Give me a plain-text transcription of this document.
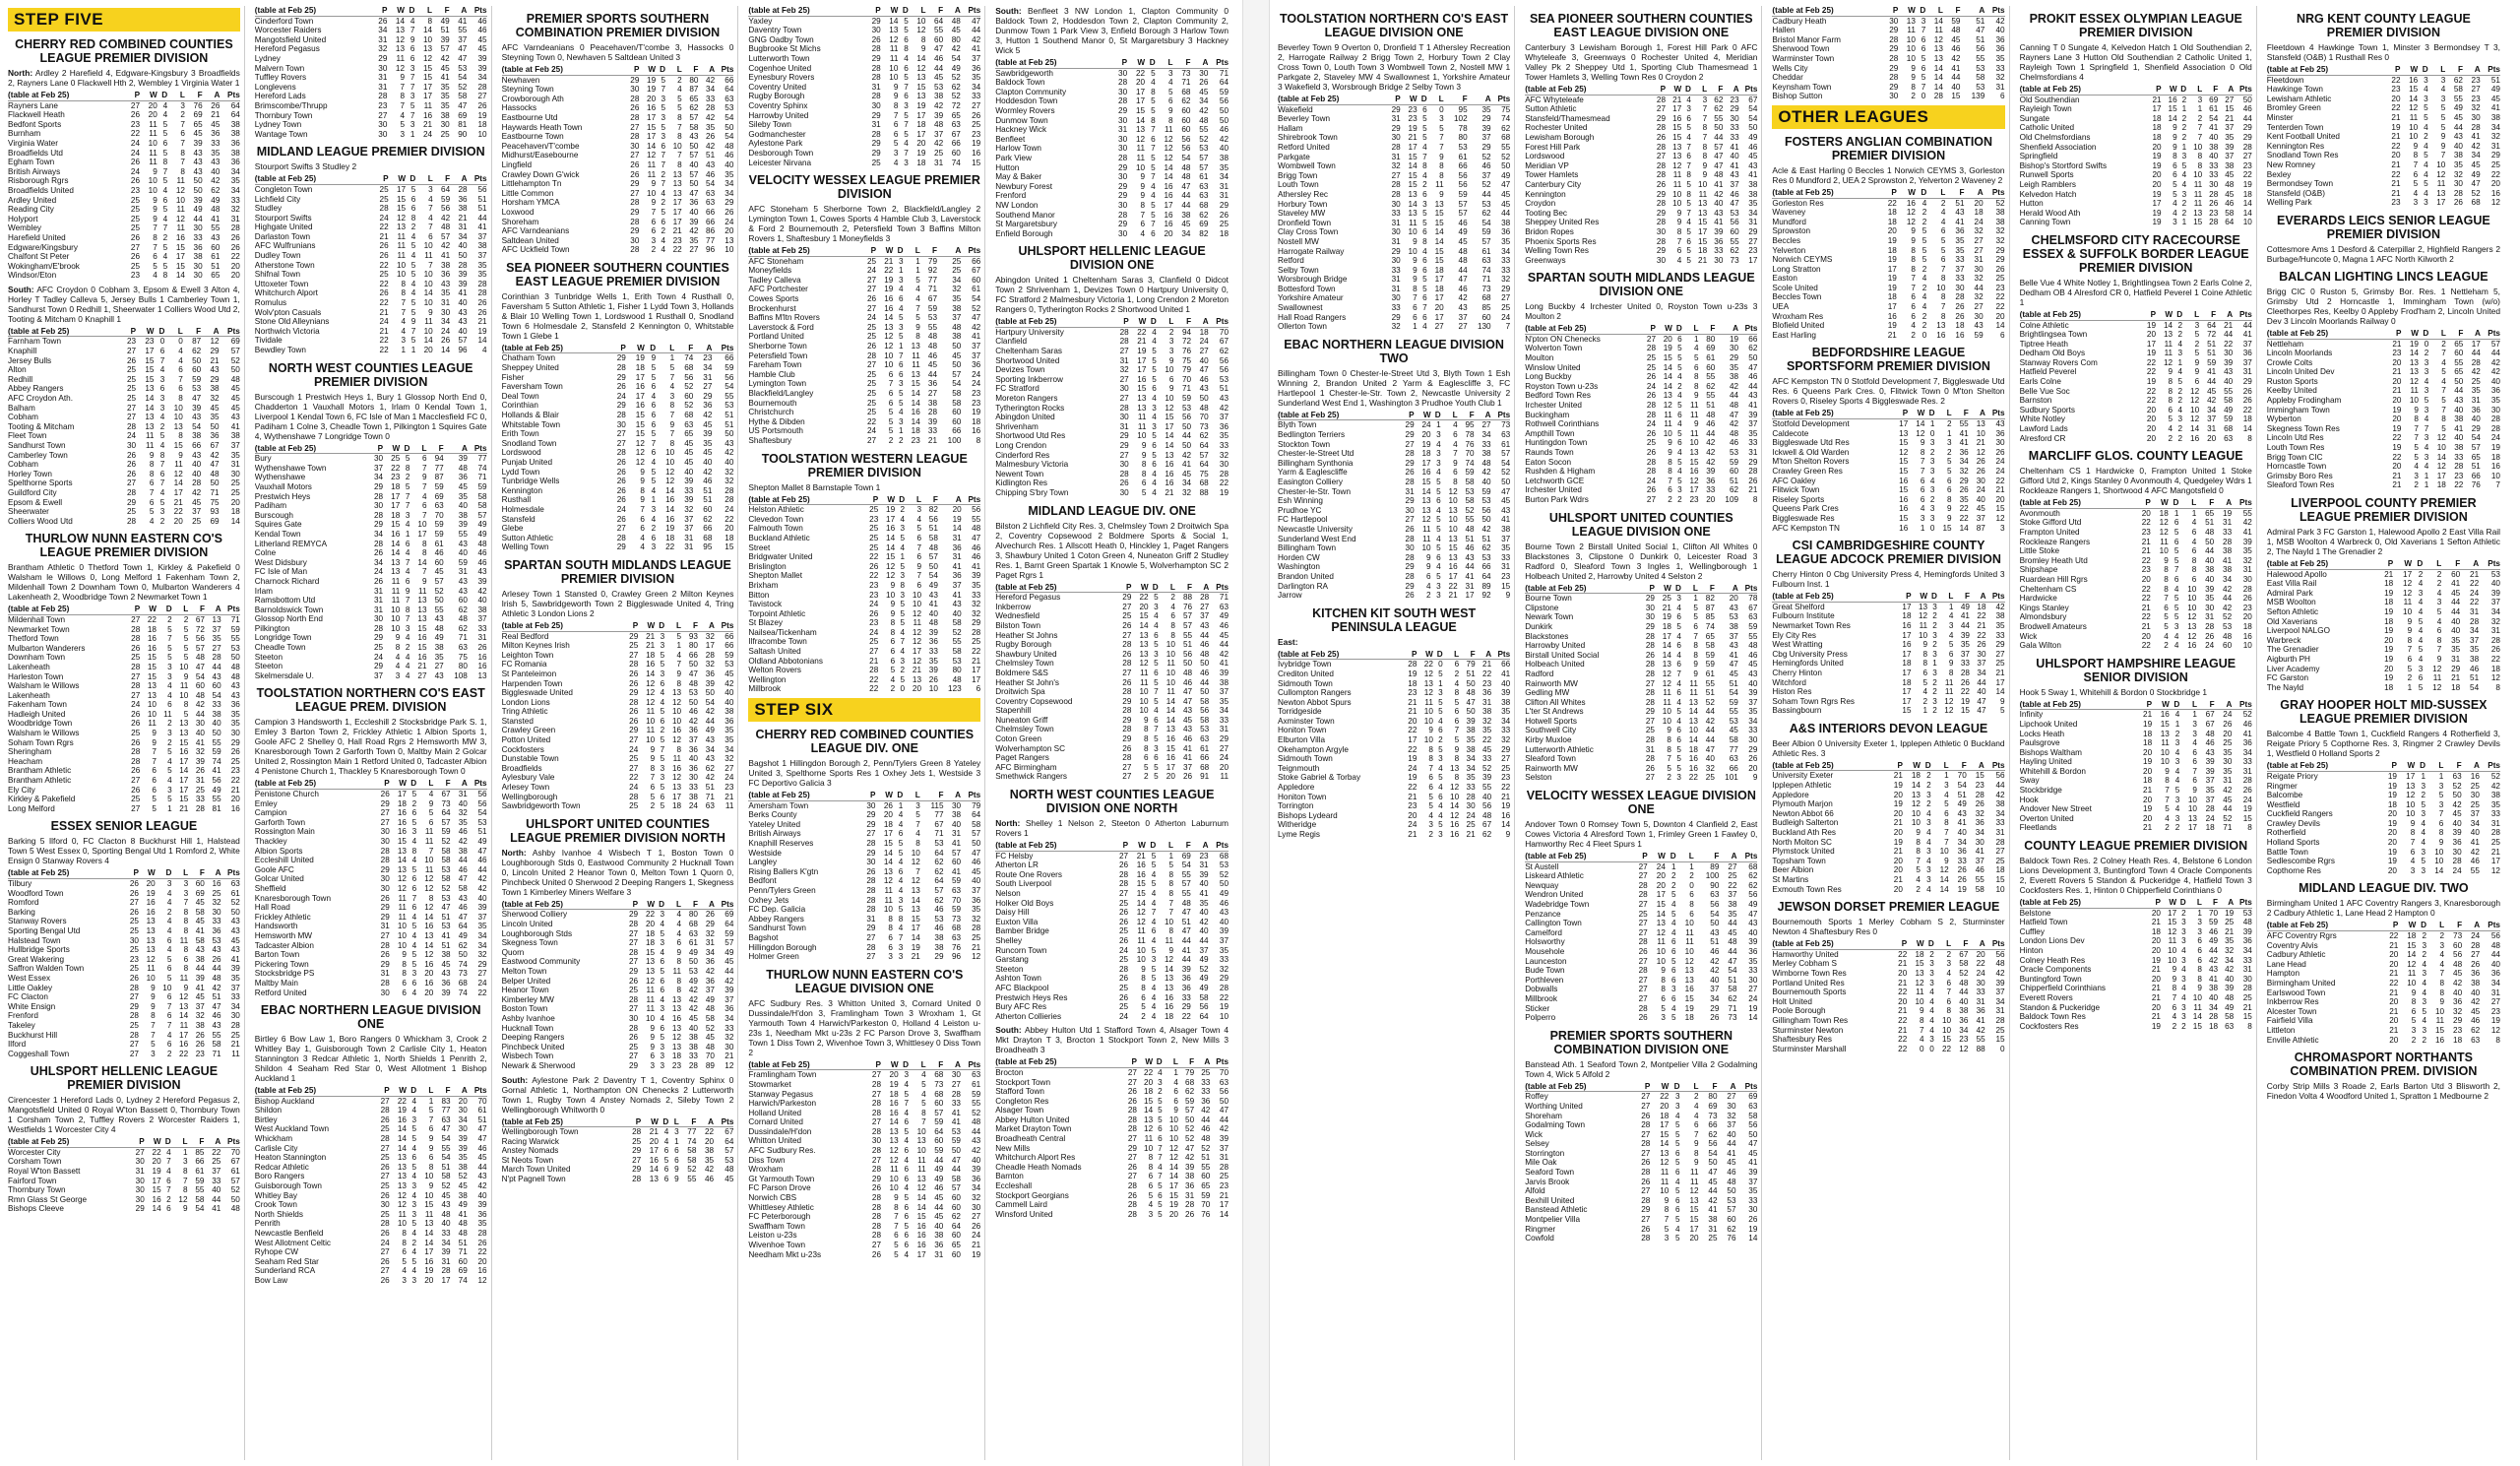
STEP FIVE
CHERRY RED COMBINED COUNTIES LEAGUE PREMIER DIVISION
North: Ardley 2 Harefield 4, Edgware-Kingsbury 3 Broadfields 2, Rayners Lane 0 Flackwell Hth 2, Wembley 1 Virginia Water 1
(table at Feb 25)	P	W	D	L	F	A	Pts
Rayners Lane	27	20	4	3	76	26	64
Flackwell Heath	26	20	4	2	69	21	64
Bedfont Sports	23	11	5	7	65	45	38
Burnham	22	11	5	6	45	36	38
Virginia Water	24	10	6	7	39	33	36
Broadfields Utd	24	11	5	8	43	35	38
Egham Town	26	11	8	7	43	43	36
British Airways	24	9	7	8	43	40	34
Risborough Rgrs	26	10	5	11	50	42	35
Broadfields United	23	10	4	12	50	62	34
Ardley United	25	9	6	10	39	49	33
Reading City	25	9	5	11	49	48	32
Holyport	25	9	4	12	44	41	31
Wembley	25	7	7	11	30	55	28
Harefield United	26	8	2	16	33	43	26
Edgware/Kingsbury	27	7	5	15	36	60	26
Chalfont St Peter	26	6	4	17	38	61	22
Wokingham/E'brook	25	5	5	15	30	51	20
Windsor/Eton	23	4	8	14	30	65	20
South: AFC Croydon 0 Cobham 3, Epsom & Ewell 3 Alton 4, Horley T Tadley Calleva 5, Jersey Bulls 1 Camberley Town 1, Sandhurst Town 0 Redhill 1, Sheerwater 1 Colliers Wood Utd 2, Tooting & Mitcham 0 Knaphill 1
(table at Feb 25)	P	W	D	L	F	A	Pts
Farnham Town	23	23	0	0	87	12	69
Knaphill	27	17	6	4	62	29	57
Jersey Bulls	26	15	7	4	50	21	52
Alton	25	15	4	6	60	43	50
Redhill	25	15	3	7	59	29	48
Abbey Rangers	25	13	6	6	53	38	45
AFC Croydon Ath.	25	14	3	8	47	32	45
Balham	27	14	3	10	39	45	45
Cobham	27	13	4	10	43	35	43
Tooting & Mitcham	28	13	2	13	54	50	41
Fleet Town	24	11	5	8	38	36	38
Sandhurst Town	30	11	4	15	66	67	37
Camberley Town	26	9	8	9	43	42	35
Cobham	26	8	7	11	40	47	31
Horley Town	26	8	6	12	40	48	30
Spelthorne Sports	27	6	7	14	28	50	25
Guildford City	28	7	4	17	42	71	25
Epsom & Ewell	29	6	5	21	45	75	20
Sheerwater	25	5	3	22	37	93	18
Colliers Wood Utd	28	4	2	20	25	69	14
THURLOW NUNN EASTERN CO'S LEAGUE PREMIER DIVISION
Brantham Athletic 0 Thetford Town 1, Kirkley & Pakefield 0 Walsham le Willows 0, Long Melford 1 Fakenham Town 2, Mildenhall Town 2 Downham Town 0, Mulbarton Wanderers 4 Lakenheath 2, Woodbridge Town 2 Newmarket Town 1
(table at Feb 25)	P	W	D	L	F	A	Pts
Mildenhall Town	27	22	2	2	67	13	71
Newmarket Town	28	18	5	5	72	37	59
Thetford Town	28	16	7	5	56	35	55
Mulbarton Wanderers	26	16	5	5	57	27	53
Downham Town	25	15	5	5	48	28	50
Lakenheath	28	15	3	10	47	44	48
Harleston Town	27	15	3	9	54	43	48
Walsham le Willows	28	13	4	11	60	60	43
Lakenheath	27	13	4	10	48	54	43
Fakenham Town	24	10	6	8	42	33	36
Hadleigh United	26	10	11	5	44	38	35
Woodbridge Town	26	11	2	13	30	40	35
Walsham le Willows	25	9	3	13	40	50	30
Soham Town Rgrs	26	9	2	15	41	55	29
Sheringham	28	7	5	16	32	59	26
Heacham	28	7	4	17	39	74	25
Brantham Athletic	26	6	5	14	26	41	23
Brantham Athletic	27	6	4	17	31	56	22
Ely City	26	6	3	17	25	49	21
Kirkley & Pakefield	25	5	5	15	33	55	20
Long Melford	27	5	1	21	28	81	16
ESSEX SENIOR LEAGUE
Barking 5 Ilford 0, FC Clacton 8 Buckhurst Hill 1, Halstead Town 5 West Essex 0, Sporting Bengal Utd 1 Romford 2, White Ensign 0 Stanway Rovers 4
(table at Feb 25)	P	W	D	L	F	A	Pts
Tilbury	26	20	3	3	60	16	63
Woodford Town	26	19	4	3	69	25	61
Romford	27	16	4	7	45	32	52
Barking	26	16	2	8	58	30	50
Stanway Rovers	25	13	4	8	45	33	43
Sporting Bengal Utd	25	13	4	8	41	36	43
Halstead Town	30	13	6	11	58	53	45
Hullbridge Sports	25	13	4	8	43	43	43
Great Wakering	23	12	5	6	38	26	41
Saffron Walden Town	25	11	6	8	44	44	39
West Essex	26	10	5	11	39	48	35
Little Oakley	28	9	10	9	41	42	37
FC Clacton	27	9	6	12	45	51	33
White Ensign	29	9	7	13	37	47	34
Frenford	28	8	6	14	32	46	30
Takeley	25	7	7	11	38	43	28
Buckhurst Hill	28	7	4	17	26	55	25
Ilford	27	5	6	16	26	58	21
Coggeshall Town	27	3	2	22	23	71	11
UHLSPORT HELLENIC LEAGUE PREMIER DIVISION
Cirencester 1 Hereford Lads 0, Lydney 2 Hereford Pegasus 2, Mangotsfield United 0 Royal W'ton Bassett 0, Thornbury Town 1 Corsham Town 2, Tuffley Rovers 2 Worcester Raiders 1, Westfields 1 Worcester City 4
(table at Feb 25)	P	W	D	L	F	A	Pts
Worcester City	27	22	4	1	85	22	70
Corsham Town	30	20	7	3	66	25	67
Royal W'ton Bassett	31	19	4	8	61	37	61
Fairford Town	30	17	6	7	59	33	57
Thornbury Town	30	15	7	8	55	40	52
Rmn Glass St George	30	16	2	12	58	44	50
Bishops Cleeve	29	14	6	9	54	41	48
(table at Feb 25)	P	W	D	L	F	A	Pts
Cinderford Town	26	14	4	8	49	41	46
Worcester Raiders	34	13	7	14	51	55	46
Mangotsfield United	31	12	9	10	39	37	45
Hereford Pegasus	32	13	6	13	57	47	45
Lydney	29	11	6	12	42	47	39
Malvern Town	30	12	3	15	45	53	39
Tuffley Rovers	31	9	7	15	41	54	34
Longlevens	31	7	7	17	35	52	28
Hereford Lads	28	8	3	17	35	58	27
Brimscombe/Thrupp	23	7	5	11	35	47	26
Thornbury Town	27	4	7	16	38	69	19
Lydney Town	30	5	3	21	30	81	18
Wantage Town	30	3	1	24	25	90	10
MIDLAND LEAGUE PREMIER DIVISION
Stourport Swifts 3 Studley 2
(table at Feb 25)	P	W	D	L	F	A	Pts
Congleton Town	25	17	5	3	64	28	56
Lichfield City	25	15	6	4	59	36	51
Studley	28	15	6	7	56	38	51
Stourport Swifts	24	12	8	4	42	21	44
Highgate United	22	13	2	7	48	31	41
Darlaston Town	21	11	4	6	57	34	37
AFC Wulfrunians	26	11	5	10	42	40	38
Dudley Town	26	11	4	11	41	50	37
Atherstone Town	22	10	5	7	38	28	35
Shifnal Town	25	10	5	10	36	39	35
Uttoxeter Town	22	8	4	10	43	39	28
Whitchurch Alport	26	8	4	14	35	41	28
Romulus	22	7	5	10	31	40	26
Wolv'pton Casuals	21	7	5	9	30	43	26
Stone Old Alleynians	24	4	9	11	34	43	21
Northwich Victoria	21	4	7	10	24	40	19
Tividale	22	3	5	14	26	57	14
Bewdley Town	22	1	1	20	14	96	4
NORTH WEST COUNTIES LEAGUE PREMIER DIVISION
Burscough 1 Prestwich Heys 1, Bury 1 Glossop North End 0, Chadderton 1 Vauxhall Motors 1, Irlam 0 Kendal Town 1, Liverpool 1 Kendal Town 6, FC Isle of Man 1 Macclesfield FC 0, Padiham 1 Colne 3, Cheadle Town 1, Pilkington 1 Squires Gate 4, Wythenshawe 7 Longridge Town 0
(table at Feb 25)	P	W	D	L	F	A	Pts
Bury	30	25	5	6	94	39	77
Wythenshawe Town	37	22	8	7	77	48	74
Wythenshawe	34	23	2	9	87	36	71
Vauxhall Motors	29	18	5	7	59	45	59
Prestwich Heys	28	17	7	4	69	35	58
Padiham	30	17	7	6	63	40	58
Burscough	28	18	3	7	70	38	57
Squires Gate	29	15	4	10	59	39	49
Kendal Town	34	16	1	17	59	55	49
Litherland REMYCA	28	14	6	8	61	43	48
Colne	26	14	4	8	46	40	46
West Didsbury	34	13	7	14	60	59	46
FC Isle of Man	24	13	4	7	45	31	43
Charnock Richard	26	11	6	9	57	43	39
Irlam	31	11	9	11	52	43	42
Ramsbottom Utd	31	11	7	13	50	60	40
Barnoldswick Town	31	10	8	13	55	62	38
Glossop North End	30	10	7	13	43	48	37
Pilkington	28	10	3	15	48	62	33
Longridge Town	29	9	4	16	49	71	31
Cheadle Town	25	8	2	15	38	63	26
Steeton	24	4	4	16	35	75	16
Steeton	29	4	4	21	27	80	16
Skelmersdale U.	37	3	4	27	43	108	13
TOOLSTATION NORTHERN CO'S EAST LEAGUE PREM. DIVISION
Campion 3 Handsworth 1, Eccleshill 2 Stocksbridge Park S. 1, Emley 3 Barton Town 2, Frickley Athletic 1 Albion Sports 1, Goole AFC 2 Shelley 0, Hall Road Rgrs 2 Hemsworth MW 3, Knaresborough Town 2 Garforth Town 0, Maltby Main 2 Golcar United 2, Rossington Main 1 Retford United 0, Tadcaster Albion 4 Penistone Church 1, Thackley 5 Knaresborough Town 0
(table at Feb 25)	P	W	D	L	F	A	Pts
Penistone Church	26	17	5	4	67	31	56
Emley	29	18	2	9	73	40	56
Campion	27	16	6	5	64	32	54
Garforth Town	27	16	5	6	57	35	53
Rossington Main	30	16	3	11	59	46	51
Thackley	30	15	4	11	52	42	49
Albion Sports	28	13	8	7	58	38	47
Eccleshill United	28	14	4	10	58	44	46
Goole AFC	29	13	5	11	53	46	44
Golcar United	30	12	6	12	58	47	42
Sheffield	30	12	6	12	52	58	42
Knaresborough Town	26	11	7	8	53	43	40
Hall Road	29	11	6	12	47	46	39
Frickley Athletic	29	11	4	14	51	47	37
Handsworth	31	10	5	16	53	64	35
Hemsworth MW	27	10	4	13	41	49	34
Tadcaster Albion	28	10	4	14	51	62	34
Barton Town	26	9	5	12	38	50	32
Pickering Town	29	8	5	16	45	74	29
Stocksbridge PS	31	8	3	20	43	73	27
Maltby Main	28	6	6	16	36	68	24
Retford United	30	6	4	20	39	74	22
EBAC NORTHERN LEAGUE DIVISION ONE
Birtley 6 Bow Law 1, Boro Rangers 0 Whickham 3, Crook 2 Whitley Bay 1, Guisborough Town 2 Carlisle City 1, Heaton Stannington 3 Redcar Athletic 1, North Shields 1 Penrith 2, Shildon 4 Seaham Red Star 0, West Allotment 1 Bishop Auckland 1
(table at Feb 25)	P	W	D	L	F	A	Pts
Bishop Auckland	27	22	4	1	83	20	70
Shildon	28	19	4	5	77	30	61
Birtley	26	16	3	7	63	34	51
West Auckland Town	25	14	5	6	47	30	47
Whickham	28	14	5	9	54	39	47
Carlisle City	27	14	4	9	55	39	46
Heaton Stannington	25	13	6	6	54	35	45
Redcar Athletic	26	13	5	8	51	38	44
Boro Rangers	27	13	4	10	58	52	43
Guisborough Town	25	13	3	9	52	45	42
Whitley Bay	26	12	4	10	45	38	40
Crook Town	30	12	3	15	43	49	39
North Shields	25	11	3	11	48	41	36
Penrith	28	10	5	13	40	48	35
Newcastle Benfield	26	8	4	14	33	48	28
West Allotment Celtic	24	8	2	14	34	51	26
Ryhope CW	27	6	4	17	39	71	22
Seaham Red Star	26	5	5	16	31	60	20
Sunderland RCA	27	4	4	19	28	69	16
Bow Law	26	3	3	20	17	74	12
PREMIER SPORTS SOUTHERN COMBINATION PREMIER DIVISION
AFC Varndeanians 0 Peacehaven/T'combe 3, Hassocks 0 Steyning Town 0, Newhaven 5 Saltdean United 3
(table at Feb 25)	P	W	D	L	F	A	Pts
Newhaven	29	19	5	2	80	42	66
Steyning Town	30	19	7	4	87	34	64
Crowborough Ath	28	20	3	5	65	33	63
Hassocks	26	16	5	5	62	28	53
Eastbourne Utd	28	17	3	8	57	42	54
Haywards Heath Town	27	15	5	7	58	35	50
Eastbourne Town	28	17	3	8	43	26	54
Peacehaven/T'combe	30	14	6	10	50	42	48
Midhurst/Easebourne	27	12	7	7	57	51	46
Lingfield	26	11	7	8	40	43	40
Crawley Down G'wick	26	11	2	13	57	46	35
Littlehampton Tn	29	9	7	13	50	54	34
Little Common	27	10	4	13	47	63	34
Horsham YMCA	28	9	2	17	36	63	29
Loxwood	29	7	5	17	40	66	26
Shoreham	28	6	6	17	39	66	24
AFC Varndeanians	29	6	2	21	42	86	20
Saltdean United	30	3	4	23	35	77	13
AFC Uckfield Town	28	2	4	22	27	96	10
SEA PIONEER SOUTHERN COUNTIES EAST LEAGUE PREMIER DIVISION
Corinthian 3 Tunbridge Wells 1, Erith Town 4 Rusthall 0, Faversham 5 Sutton Athletic 1, Fisher 1 Lydd Town 3, Hollands & Blair 10 Welling Town 1, Lordswood 1 Rusthall 0, Snodland Town 6 Holmesdale 2, Stansfeld 2 Kennington 0, Whitstable Town 1 Glebe 1
(table at Feb 25)	P	W	D	L	F	A	Pts
Chatham Town	29	19	9	1	74	23	66
Sheppey United	28	18	5	5	68	34	59
Fisher	29	17	5	7	56	31	56
Faversham Town	26	16	6	4	52	27	54
Deal Town	24	17	4	3	60	29	55
Corinthian	29	16	6	8	52	36	53
Hollands & Blair	28	15	6	7	68	42	51
Whitstable Town	30	15	6	9	63	45	51
Erith Town	27	15	5	7	65	39	50
Snodland Town	27	12	7	8	45	35	43
Lordswood	28	12	6	10	45	45	42
Punjab United	26	12	4	10	45	40	40
Lydd Town	26	9	5	12	40	42	32
Tunbridge Wells	26	9	5	12	39	46	32
Kennington	26	8	4	14	33	51	28
Rusthall	26	9	1	16	39	51	28
Holmesdale	24	7	3	14	32	60	24
Stansfeld	26	6	4	16	37	62	22
Glebe	27	6	2	19	37	66	20
Sutton Athletic	28	4	6	18	31	68	18
Welling Town	29	4	3	22	31	95	15
SPARTAN SOUTH MIDLANDS LEAGUE PREMIER DIVISION
Arlesey Town 1 Stansted 0, Crawley Green 2 Milton Keynes Irish 5, Sawbridgeworth Town 2 Biggleswade United 4, Tring Athletic 3 London Lions 2
(table at Feb 25)	P	W	D	L	F	A	Pts
Real Bedford	29	21	3	5	93	32	66
Milton Keynes Irish	25	21	3	1	80	17	66
Leighton Town	27	18	5	4	66	28	59
FC Romania	28	16	5	7	50	32	53
St Panteleimon	26	14	3	9	47	36	45
Harpenden Town	26	12	6	8	48	39	42
Biggleswade United	29	12	4	13	53	50	40
London Lions	28	12	4	12	50	54	40
Tring Athletic	26	11	5	10	46	42	38
Stansted	26	10	6	10	42	44	36
Crawley Green	29	11	2	16	36	49	35
Potton United	27	10	5	12	37	43	35
Cockfosters	24	9	7	8	36	34	34
Dunstable Town	25	9	5	11	40	43	32
Broadfields	27	8	3	16	36	62	27
Aylesbury Vale	22	7	3	12	30	42	24
Arlesey Town	24	6	5	13	33	51	23
Wellingborough	28	5	6	17	38	71	21
Sawbridgeworth Town	25	2	5	18	24	63	11
UHLSPORT UNITED COUNTIES LEAGUE PREMIER DIVISION NORTH
North: Ashby Ivanhoe 4 Wisbech T 1, Boston Town 0 Loughborough Stds 0, Eastwood Community 2 Hucknall Town 0, Lincoln United 2 Heanor Town 0, Melton Town 1 Quorn 0, Pinchbeck United 0 Sherwood 2 Deeping Rangers 1, Skegness Town 1 Kimberley Miners Welfare 3
(table at Feb 25)	P	W	D	L	F	A	Pts
Sherwood Colliery	29	22	3	4	80	26	69
Lincoln United	28	20	4	4	68	29	64
Loughborough Stds	27	18	5	4	63	32	59
Skegness Town	27	18	3	6	61	31	57
Quorn	28	15	4	9	49	34	49
Eastwood Community	27	13	6	8	50	36	45
Melton Town	29	13	5	11	53	42	44
Belper United	26	12	6	8	49	36	42
Heanor Town	25	11	6	8	42	37	39
Kimberley MW	28	11	4	13	42	49	37
Boston Town	27	11	3	13	42	48	36
Ashby Ivanhoe	30	10	4	16	45	58	34
Hucknall Town	28	9	6	13	40	52	33
Deeping Rangers	26	9	5	12	38	45	32
Pinchbeck United	25	9	3	13	38	48	30
Wisbech Town	27	6	3	18	33	70	21
Newark & Sherwood	29	3	3	23	28	89	12
South: Aylestone Park 2 Daventry T 1, Coventry Sphinx 0 Gornal Athletic 1, Northampton ON Chenecks 2 Lutterworth Town 1, Rugby Town 4 Anstey Nomads 2, Sileby Town 2 Wellingborough Whitworth 0
(table at Feb 25)	P	W	D	L	F	A	Pts
Wellingborough Town	28	21	4	3	77	22	67
Racing Warwick	25	20	4	1	74	20	64
Anstey Nomads	29	17	6	6	58	38	57
St Neots Town	27	16	5	6	58	35	53
March Town United	29	14	6	9	52	42	48
N'pt Pagnell Town	28	13	6	9	55	46	45
(table at Feb 25)	P	W	D	L	F	A	Pts
Yaxley	29	14	5	10	64	48	47
Daventry Town	30	13	5	12	55	45	44
GNG Oadby Town	26	12	6	8	60	80	42
Bugbrooke St Michs	28	11	8	9	47	42	41
Lutterworth Town	29	11	4	14	46	54	37
Cogenhoe United	28	10	6	12	44	49	36
Eynesbury Rovers	28	10	5	13	45	52	35
Coventry United	31	9	7	15	53	62	34
Rugby Borough	28	9	6	13	38	52	33
Coventry Sphinx	30	8	3	19	42	72	27
Harrowby United	29	7	5	17	39	65	26
Sileby Town	31	6	7	18	48	63	25
Godmanchester	28	6	5	17	37	67	23
Aylestone Park	29	5	4	20	42	66	19
Desborough Town	29	3	7	19	25	60	16
Leicester Nirvana	25	4	3	18	31	74	15
VELOCITY WESSEX LEAGUE PREMIER DIVISION
AFC Stoneham 5 Sherborne Town 2, Blackfield/Langley 2 Lymington Town 1, Cowes Sports 4 Hamble Club 3, Laverstock & Ford 2 Bournemouth 2, Petersfield Town 3 Baffins Milton Rovers 1, Shaftesbury 1 Moneyfields 3
(table at Feb 25)	P	W	D	L	F	A	Pts
AFC Stoneham	25	21	3	1	79	25	66
Moneyfields	24	22	1	1	92	25	67
Tadley Calleva	27	19	3	5	77	34	60
AFC Portchester	27	19	4	4	71	32	61
Cowes Sports	26	16	6	4	67	35	54
Brockenhurst	27	16	4	7	59	38	52
Baffins M'ltn Rovers	24	14	5	5	53	37	47
Laverstock & Ford	25	13	3	9	55	48	42
Portland United	25	12	5	8	48	38	41
Sherborne Town	26	12	1	13	48	50	37
Petersfield Town	28	10	7	11	46	45	37
Fareham Town	27	10	6	11	45	50	36
Hamble Club	25	6	6	13	44	57	24
Lymington Town	25	7	3	15	36	54	24
Blackfield/Langley	25	6	5	14	27	58	23
Bournemouth	25	6	5	14	38	58	23
Christchurch	25	5	4	16	28	60	19
Hythe & Dibden	22	5	3	14	39	60	18
US Portsmouth	24	5	1	18	33	66	16
Shaftesbury	27	2	2	23	21	100	8
TOOLSTATION WESTERN LEAGUE PREMIER DIVISION
Shepton Mallet 8 Barnstaple Town 1
(table at Feb 25)	P	W	D	L	F	A	Pts
Helston Athletic	25	19	2	3	82	20	56
Clevedon Town	23	17	4	4	56	19	55
Falmouth Town	25	16	3	5	51	14	48
Buckland Athletic	25	14	5	6	58	31	47
Street	25	14	4	7	48	36	46
Bridgwater United	22	15	1	6	57	31	46
Brislington	26	12	5	9	50	41	41
Shepton Mallet	22	12	3	7	54	36	39
Brixham	23	9	8	6	49	37	35
Bitton	23	10	3	10	43	41	33
Tavistock	24	9	5	10	41	43	32
Torpoint Athletic	26	9	5	12	40	40	32
St Blazey	23	8	5	11	48	58	29
Nailsea/Tickenham	24	8	4	12	39	52	28
Ilfracombe Town	25	6	7	12	36	55	25
Saltash United	27	6	4	17	33	58	22
Oldland Abbotonians	21	6	3	12	35	53	21
Welton Rovers	28	5	2	21	39	80	17
Wellington	22	4	5	13	26	48	17
Millbrook	22	2	0	20	10	123	6
STEP SIX
CHERRY RED COMBINED COUNTIES LEAGUE DIV. ONE
Bagshot 1 Hillingdon Borough 2, Penn/Tylers Green 8 Yateley United 3, Spelthorne Sports Res 1 Oxhey Jets 1, Westside 3 FC Deportivo Galicia 3
(table at Feb 25)	P	W	D	L	F	A	Pts
Amersham Town	30	26	1	3	115	30	79
Berks County	29	20	4	5	77	38	64
Yateley United	29	18	4	7	67	40	58
British Airways	27	17	6	4	71	31	57
Knaphill Reserves	28	15	5	8	53	41	50
Westside	29	14	5	10	64	57	47
Langley	30	14	4	12	62	60	46
Rising Ballers K'gtn	26	13	6	7	62	41	45
Bedfont	28	12	4	12	64	59	40
Penn/Tylers Green	28	11	4	13	57	63	37
Oxhey Jets	28	11	3	14	62	70	36
FC Dep. Galicia	28	10	5	13	46	59	35
Abbey Rangers	31	8	8	15	53	73	32
Sandhurst Town	29	8	4	17	46	68	28
Bagshot	27	6	7	14	38	63	25
Hillingdon Borough	28	6	3	19	38	76	21
Holmer Green	27	3	3	21	29	96	12
THURLOW NUNN EASTERN CO'S LEAGUE DIVISION ONE
AFC Sudbury Res. 3 Whitton United 3, Cornard United 0 Dussindale/H'don 3, Framlingham Town 3 Wroxham 1, Gt Yarmouth Town 4 Harwich/Parkeston 0, Holland 4 Leiston u-23s 1, Needham Mkt u-23s 2 FC Parson Drove 3, Swaffham Town 1 Diss Town 2, Wivenhoe Town 3, Whittlesey 0 Diss Town 2
(table at Feb 25)	P	W	D	L	F	A	Pts
Framlingham Town	27	20	3	4	68	30	63
Stowmarket	28	19	4	5	73	27	61
Stanway Pegasus	27	18	5	4	68	28	59
Harwich/Parkeston	28	16	7	5	60	33	55
Holland United	28	16	4	8	57	41	52
Cornard United	27	14	6	7	59	41	48
Dussindale/H'don	28	13	5	10	64	53	44
Whitton United	30	13	4	13	60	59	43
AFC Sudbury Res.	28	12	6	10	59	50	42
Diss Town	27	12	4	11	44	47	40
Wroxham	28	11	6	11	49	44	39
Gt Yarmouth Town	29	10	6	13	49	58	36
FC Parson Drove	26	10	4	12	46	57	34
Norwich CBS	28	9	5	14	45	60	32
Whittlesey Athletic	28	8	6	14	44	60	30
FC Peterborough	28	7	6	15	45	62	27
Swaffham Town	28	7	5	16	40	64	26
Leiston u-23s	28	6	6	16	38	60	24
Wivenhoe Town	27	5	6	16	36	65	21
Needham Mkt u-23s	26	5	4	17	31	60	19
South: Benfleet 3 NW London 1, Clapton Community 0 Baldock Town 2, Hoddesdon Town 2, Clapton Community 2, Dunmow Town 1 Park View 3, Enfield Borough 3 Harlow Town 3, Hutton 1 Southend Manor 0, St Margaretsbury 3 Hackney Wick 5
(table at Feb 25)	P	W	D	L	F	A	Pts
Sawbridgeworth	30	22	5	3	73	30	71
Baldock Town	28	20	4	4	71	26	64
Clapton Community	30	17	8	5	68	45	59
Hoddesdon Town	28	17	5	6	62	34	56
Wormley Rovers	29	15	5	9	60	42	50
Dunmow Town	30	14	8	8	60	48	50
Hackney Wick	31	13	7	11	60	55	46
Benfleet	30	12	6	12	56	52	42
Harlow Town	30	11	7	12	56	53	40
Park View	28	11	5	12	54	57	38
Hutton	29	10	5	14	48	57	35
May & Baker	30	9	7	14	48	61	34
Newbury Forest	29	9	4	16	47	63	31
Frenford	29	9	4	16	44	63	31
NW London	30	8	5	17	44	68	29
Southend Manor	28	7	5	16	38	62	26
St Margaretsbury	29	6	7	16	45	69	25
Enfield Borough	30	4	6	20	34	82	18
UHLSPORT HELLENIC LEAGUE DIVISION ONE
Abingdon United 1 Cheltenham Saras 3, Clanfield 0 Didcot Town 2 Shrivenham 1, Devizes Town 0 Hartpury University 0, FC Stratford 2 Malmesbury Victoria 1, Long Crendon 2 Moreton Rangers 0, Tytherington Rocks 2 Shortwood United 1
(table at Feb 25)	P	W	D	L	F	A	Pts
Hartpury University	28	22	4	2	94	18	70
Clanfield	28	21	4	3	72	24	67
Cheltenham Saras	27	19	5	3	76	27	62
Shortwood United	31	17	5	9	75	40	56
Devizes Town	32	17	5	10	79	47	56
Sporting Inkberrow	27	16	5	6	70	46	53
FC Stratford	30	15	6	9	71	43	51
Moreton Rangers	27	13	4	10	59	50	43
Tytherington Rocks	28	13	3	12	53	48	42
Abingdon United	30	11	4	15	56	70	37
Shrivenham	31	11	3	17	50	73	36
Shortwood Utd Res	29	10	5	14	44	62	35
Long Crendon	29	9	6	14	50	64	33
Cinderford Res	27	9	5	13	42	57	32
Malmesbury Victoria	30	8	6	16	41	64	30
Newent Town	28	8	4	16	45	75	28
Kidlington Res	26	6	4	16	34	68	22
Chipping S'bry Town	30	5	4	21	32	88	19
MIDLAND LEAGUE DIV. ONE
Bilston 2 Lichfield City Res. 3, Chelmsley Town 2 Droitwich Spa 2, Coventry Copsewood 2 Boldmere Sports & Social 1, Alvechurch Res. 1 Allscott Heath 0, Hinckley 1, Paget Rangers 3, Shawbury United 1 Coton Green 4, Nuneaton Griff 2 Studley Res. 1, Barnt Green Spartak 1 Knowle 5, Wolverhampton SC 2 Paget Rgrs 1
(table at Feb 25)	P	W	D	L	F	A	Pts
Hereford Pegasus	29	22	5	2	88	28	71
Inkberrow	27	20	3	4	76	27	63
Wednesfield	25	15	4	6	57	37	49
Bilston Town	26	14	4	8	57	43	46
Heather St Johns	27	13	6	8	55	44	45
Rugby Borough	28	13	5	10	51	46	44
Shawbury United	26	13	3	10	56	48	42
Chelmsley Town	28	12	5	11	50	50	41
Boldmere S&S	27	11	6	10	48	46	39
Heather St John's	26	11	5	10	46	44	38
Droitwich Spa	28	10	7	11	47	50	37
Coventry Copsewood	29	10	5	14	47	58	35
Stapenhill	28	10	4	14	43	56	34
Nuneaton Griff	29	9	6	14	45	58	33
Chelmsley Town	28	8	7	13	43	53	31
Coton Green	29	8	5	16	46	63	29
Wolverhampton SC	26	8	3	15	41	61	27
Paget Rangers	28	6	6	16	41	66	24
AFC Birmingham	27	5	5	17	37	68	20
Smethwick Rangers	27	2	5	20	26	91	11
NORTH WEST COUNTIES LEAGUE DIVISION ONE NORTH
North: Shelley 1 Nelson 2, Steeton 0 Atherton Laburnum Rovers 1
(table at Feb 25)	P	W	D	L	F	A	Pts
FC Helsby	27	21	5	1	69	23	68
Atherton LR	26	16	5	5	54	31	53
Route One Rovers	28	16	4	8	55	39	52
South Liverpool	28	15	5	8	57	40	50
Nelson	27	15	4	8	55	41	49
Holker Old Boys	25	14	4	7	48	35	46
Daisy Hill	26	12	7	7	47	40	43
Euxton Villa	26	12	4	10	51	42	40
Bamber Bridge	25	11	6	8	47	40	39
Shelley	26	11	4	11	44	44	37
Runcorn Town	24	10	5	9	41	37	35
Garstang	25	10	3	12	44	49	33
Steeton	28	9	5	14	39	52	32
Ashton Town	26	8	5	13	36	49	29
AFC Blackpool	25	8	4	13	36	49	28
Prestwich Heys Res	26	6	4	16	33	58	22
Bury AFC Res	25	5	4	16	29	56	19
Atherton Collieries	24	2	4	18	22	64	10
South: Abbey Hulton Utd 1 Stafford Town 4, Alsager Town 4 Mkt Drayton T 3, Brocton 1 Stockport Town 2, New Mills 3 Broadheath 3
(table at Feb 25)	P	W	D	L	F	A	Pts
Brocton	27	22	4	1	79	25	70
Stockport Town	27	20	3	4	68	33	63
Stafford Town	26	18	2	6	62	33	56
Congleton Res	26	15	5	6	59	36	50
Alsager Town	28	14	5	9	57	42	47
Abbey Hulton United	28	13	5	10	50	44	44
Market Drayton Town	28	12	6	10	52	46	42
Broadheath Central	27	11	6	10	52	48	39
New Mills	29	10	7	12	47	52	37
Whitchurch Alport Res	27	8	7	12	42	51	31
Cheadle Heath Nomads	26	8	4	14	39	55	28
Barnton	27	6	7	14	38	60	25
Eccleshall	28	6	5	17	36	65	23
Stockport Georgians	26	5	6	15	31	59	21
Cammell Laird	28	4	5	19	28	70	17
Winsford United	28	3	5	20	26	76	14
TOOLSTATION NORTHERN CO'S EAST LEAGUE DIVISION ONE
Beverley Town 9 Overton 0, Dronfield T 1 Athersley Recreation 2, Harrogate Railway 2 Brigg Town 2, Horbury Town 2 Clay Cross Town 0, Louth Town 3 Wombwell Town 2, Nostell MW 1 Parkgate 2, Staveley MW 4 Swallownest 1, Yorkshire Amateur 3 Wakefield 3, Worsbrough Bridge 2 Selby Town 3
(table at Feb 25)	P	W	D	L	F	A	Pts
Wakefield	29	23	6	0	95	35	75
Beverley Town	31	23	5	3	102	29	74
Hallam	29	19	5	5	78	39	62
Shirebrook Town	30	21	5	7	80	37	68
Retford United	28	17	4	7	53	29	55
Parkgate	31	15	7	9	61	52	52
Wombwell Town	32	14	8	8	66	46	50
Brigg Town	27	15	4	8	56	37	49
Louth Town	28	15	2	11	56	52	47
Athersley Rec	28	13	6	9	59	44	45
Horbury Town	30	14	3	13	57	53	45
Staveley MW	33	13	5	15	57	62	44
Dronfield Town	31	11	5	15	46	54	38
Clay Cross Town	30	10	6	14	49	59	36
Nostell MW	31	9	8	14	45	57	35
Harrogate Railway	29	10	4	15	48	61	34
Retford	30	9	6	15	48	63	33
Selby Town	33	9	6	18	44	74	33
Worsbrough Bridge	31	9	5	17	47	71	32
Bottesford Town	31	8	5	18	46	73	29
Yorkshire Amateur	30	7	6	17	42	68	27
Swallownest	33	6	7	20	43	85	25
Hall Road Rangers	29	6	6	17	37	60	24
Ollerton Town	32	1	4	27	27	130	7
EBAC NORTHERN LEAGUE DIVISION TWO
Billingham Town 0 Chester-le-Street Utd 3, Blyth Town 1 Esh Winning 2, Brandon United 2 Yarm & Eaglescliffe 3, FC Hartlepool 1 Chester-le-Str. Town 2, Newcastle University 2 Sunderland West End 1, Washington 3 Prudhoe Youth Club 1
(table at Feb 25)	P	W	D	L	F	A	Pts
Blyth Town	29	24	1	4	95	27	73
Bedlington Terriers	29	20	3	6	78	34	63
Stockton Town	27	19	4	4	76	33	61
Chester-le-Street Utd	28	18	3	7	70	38	57
Billingham Synthonia	29	17	3	9	74	48	54
Yarm & Eaglescliffe	26	16	4	6	59	42	52
Easington Colliery	28	15	5	8	58	40	50
Chester-le-Str. Town	31	14	5	12	53	59	47
Esh Winning	29	13	6	10	58	53	45
Prudhoe YC	30	13	4	13	52	56	43
FC Hartlepool	27	12	5	10	55	50	41
Newcastle University	26	11	5	10	48	42	38
Sunderland West End	28	11	4	13	51	51	37
Billingham Town	30	10	5	15	46	62	35
Horden CW	28	9	6	13	43	53	33
Washington	29	9	4	16	44	66	31
Brandon United	28	6	5	17	41	64	23
Darlington RA	29	4	3	22	31	89	15
Jarrow	26	2	3	21	17	92	9
KITCHEN KIT SOUTH WEST PENINSULA LEAGUE
East:
(table at Feb 25)	P	W	D	L	F	A	Pts
Ivybridge Town	28	22	0	6	79	21	66
Crediton United	19	12	5	2	51	22	41
Sidmouth Town	18	13	1	4	50	23	40
Cullompton Rangers	23	12	3	8	48	36	39
Newton Abbot Spurs	21	11	5	5	47	31	38
Torridgeside	21	10	5	6	50	38	35
Axminster Town	20	10	4	6	39	32	34
Honiton Town	22	9	6	7	38	35	33
Elburton Villa	17	10	2	5	35	22	32
Okehampton Argyle	22	8	5	9	38	45	29
Sidmouth Town	19	8	3	8	34	33	27
Teignmouth	24	7	4	13	34	52	25
Stoke Gabriel & Torbay	19	6	5	8	35	39	23
Appledore	22	6	4	12	33	55	22
Honiton Town	21	5	6	10	28	40	21
Torrington	23	5	4	14	30	56	19
Bishops Lydeard	20	4	4	12	24	48	16
Witheridge	24	3	5	16	25	67	14
Lyme Regis	21	2	3	16	21	62	9
SEA PIONEER SOUTHERN COUNTIES EAST LEAGUE DIVISION ONE
Canterbury 3 Lewisham Borough 1, Forest Hill Park 0 AFC Whyteleafe 3, Greenways 0 Rochester United 4, Meridian Valley Pk 2 Sheppey Utd 1, Sporting Club Thamesmead 1 Tower Hamlets 3, Welling Town Res 0 Croydon 2
(table at Feb 25)	P	W	D	L	F	A	Pts
AFC Whyteleafe	28	21	4	3	62	23	67
Sutton Athletic	27	17	3	7	62	29	54
Stansfeld/Thamesmead	29	16	6	7	55	30	54
Rochester United	28	15	5	8	50	33	50
Lewisham Borough	26	15	4	7	44	33	49
Forest Hill Park	28	13	7	8	57	41	46
Lordswood	27	13	6	8	47	40	45
Meridian VP	28	12	7	9	47	41	43
Tower Hamlets	28	11	8	9	48	43	41
Canterbury City	26	11	5	10	41	37	38
Kennington	29	10	8	11	42	46	38
Croydon	28	10	5	13	40	47	35
Tooting Bec	29	9	7	13	43	53	34
Sheppey United Res	28	9	4	15	41	56	31
Bridon Ropes	30	8	5	17	39	60	29
Phoenix Sports Res	28	7	6	15	36	55	27
Welling Town Res	29	6	5	18	33	62	23
Greenways	30	4	5	21	30	73	17
SPARTAN SOUTH MIDLANDS LEAGUE DIVISION ONE
Long Buckby 4 Irchester United 0, Royston Town u-23s 3 Moulton 2
(table at Feb 25)	P	W	D	L	F	A	Pts
N'pton ON Chenecks	27	20	6	1	80	19	66
Wolverton Town	28	19	5	4	69	30	62
Moulton	25	15	5	5	61	29	50
Winslow United	25	14	5	6	60	35	47
Long Buckby	26	14	4	8	55	38	46
Royston Town u-23s	24	14	2	8	62	42	44
Bedford Town Res	26	13	4	9	55	44	43
Irchester United	28	12	5	11	51	48	41
Buckingham	28	11	6	11	48	47	39
Rothwell Corinthians	24	11	4	9	46	42	37
Ampthill Town	26	10	5	11	44	48	35
Huntingdon Town	25	9	6	10	42	46	33
Raunds Town	26	9	4	13	42	53	31
Eaton Socon	28	8	5	15	42	59	29
Rushden & Higham	28	8	4	16	39	60	28
Letchworth GCE	24	7	5	12	36	51	26
Irchester United	26	6	3	17	33	62	21
Burton Park Wdrs	27	2	2	23	20	109	8
UHLSPORT UNITED COUNTIES LEAGUE DIVISION ONE
Bourne Town 2 Birstall United Social 1, Clifton All Whites 0 Blackstones 3, Clipstone 0 Dunkirk 0, Leicester Road 3 Radford 0, Sleaford Town 3 Ingles 1, Wellingborough 1 Holbeach United 2, Harrowby United 4 Selston 2
(table at Feb 25)	P	W	D	L	F	A	Pts
Bourne Town	29	25	3	1	82	20	78
Clipstone	30	21	4	5	87	43	67
Newark Town	30	19	6	5	85	53	63
Dunkirk	29	18	5	6	74	38	59
Blackstones	28	17	4	7	65	37	55
Harrowby United	28	14	6	8	58	43	48
Birstall United Social	26	14	4	8	59	41	46
Holbeach United	28	13	6	9	59	47	45
Radford	28	12	7	9	61	45	43
Rainworth MW	27	12	4	11	55	51	40
Gedling MW	28	11	6	11	51	54	39
Clifton All Whites	28	11	4	13	52	59	37
L'ter St Andrews	29	10	5	14	44	55	35
Hotwell Sports	27	10	4	13	42	53	34
Southwell City	25	9	6	10	44	45	33
Kirby Muxloe	28	8	6	14	44	58	30
Lutterworth Athletic	31	8	5	18	47	77	29
Sleaford Town	28	7	5	16	40	63	26
Rainworth MW	26	5	5	16	32	66	20
Selston	27	2	3	22	25	101	9
VELOCITY WESSEX LEAGUE DIVISION ONE
Andover Town 0 Romsey Town 5, Downton 4 Clanfield 2, East Cowes Victoria 4 Alresford Town 1, Frimley Green 1 Fawley 0, Hamworthy Rec 4 Fleet Spurs 1
(table at Feb 25)	P	W	D	L	F	A	Pts
St Austell	27	24	1	1	89	27	68
Liskeard Athletic	27	20	2	2	100	25	62
Newquay	28	20	2	0	90	22	62
Wendron United	28	17	5	6	63	37	56
Wadebridge Town	27	15	4	8	56	38	49
Penzance	25	14	5	6	54	35	47
Callington Town	27	13	4	10	50	44	43
Camelford	27	12	4	11	43	45	40
Holsworthy	28	11	6	11	51	48	39
Mousehole	26	10	6	10	46	44	36
Launceston	27	10	5	12	42	47	35
Bude Town	28	9	6	13	42	54	33
Porthleven	27	8	6	13	40	51	30
Dobwalls	27	8	3	16	37	58	27
Millbrook	27	6	6	15	34	62	24
Sticker	28	5	4	19	29	71	19
Polperro	26	3	5	18	26	73	14
PREMIER SPORTS SOUTHERN COMBINATION DIVISION ONE
Banstead Ath. 1 Seaford Town 2, Montpelier Villa 2 Godalming Town 4, Wick 5 Alfold 2
(table at Feb 25)	P	W	D	L	F	A	Pts
Roffey	27	22	3	2	80	27	69
Worthing United	27	20	3	4	69	30	63
Shoreham	26	18	4	4	73	32	58
Godalming Town	28	17	5	6	66	37	56
Wick	27	15	5	7	62	40	50
Selsey	28	14	5	9	56	44	47
Storrington	27	13	6	8	54	41	45
Mile Oak	26	12	5	9	50	45	41
Seaford Town	28	11	6	11	47	46	39
Jarvis Brook	26	11	4	11	45	48	37
Alfold	27	10	5	12	44	50	35
Bexhill United	28	9	6	13	42	53	33
Banstead Athletic	29	8	6	15	41	57	30
Montpelier Villa	27	7	5	15	38	60	26
Ringmer	26	5	4	17	31	62	19
Cowfold	28	3	5	20	25	76	14
(table at Feb 25)	P	W	D	L	F	A	Pts
Cadbury Heath	30	13	3	14	59	51	42
Hallen	29	11	7	11	48	47	40
Bristol Manor Farm	28	10	6	12	45	51	36
Sherwood Town	29	10	6	13	46	56	36
Warminster Town	28	10	5	13	42	55	35
Wells City	29	9	6	14	41	53	33
Cheddar	28	9	5	14	44	58	32
Keynsham Town	29	8	7	14	40	53	31
Bishop Sutton	30	2	0	28	15	139	6
OTHER LEAGUES
FOSTERS ANGLIAN COMBINATION PREMIER DIVISION
Acle & East Harling 0 Beccles 1 Norwich CEYMS 3, Gorleston Res 0 Mundford 2, UEA 2 Sprowston 2, Yelverton 2 Waveney 2
(table at Feb 25)	P	W	D	L	F	A	Pts
Gorleston Res	22	16	4	2	51	20	52
Waveney	18	12	2	4	43	18	38
Mundford	18	12	2	4	41	24	38
Sprowston	20	9	5	6	36	32	32
Beccles	19	9	5	5	35	27	32
Yelverton	18	8	5	5	35	27	29
Norwich CEYMS	19	8	5	6	33	31	29
Long Stratton	17	8	2	7	37	30	26
Easton	19	7	4	8	33	32	25
Scole United	19	7	2	10	30	44	23
Beccles Town	18	6	4	8	28	32	22
UEA	17	6	4	7	26	27	22
Wroxham Res	16	6	2	8	26	30	20
Blofield United	19	4	2	13	18	43	14
East Harling	21	2	0	16	16	59	6
BEDFORDSHIRE LEAGUE SPORTSFORM PREMIER DIVISION
AFC Kempston TN 0 Stotfold Development 7, Biggleswade Utd Res. 6 Queens Park Cres. 0, Flitwick Town 0 M'ton Shelton Rovers 0, Riseley Sports 4 Biggleswade Res. 2
(table at Feb 25)	P	W	D	L	F	A	Pts
Stotfold Development	17	14	1	2	55	13	43
Caldecote	13	12	0	1	41	10	36
Biggleswade Utd Res	15	9	3	3	41	21	30
Ickwell & Old Warden	12	8	2	2	36	12	26
M'ton Shelton Rovers	15	7	3	5	34	26	24
Crawley Green Res	15	7	3	5	32	26	24
AFC Oakley	16	6	4	6	29	30	22
Flitwick Town	15	6	3	6	26	24	21
Riseley Sports	16	6	2	8	35	40	20
Queens Park Cres	16	4	3	9	22	45	15
Biggleswade Res	15	3	3	9	22	37	12
AFC Kempston TN	16	1	0	15	14	87	3
CSI CAMBRIDGESHIRE COUNTY LEAGUE ADCOCK PREMIER DIVISION
Cherry Hinton 0 Cbg University Press 4, Hemingfords United 3 Fulbourn Inst. 1
(table at Feb 25)	P	W	D	L	F	A	Pts
Great Shelford	17	13	3	1	49	18	42
Fulbourn Institute	18	12	2	4	41	22	38
Newmarket Town Res	16	11	2	3	44	21	35
Ely City Res	17	10	3	4	39	22	33
West Wratting	16	9	2	5	35	26	29
Cbg University Press	17	8	3	6	37	30	27
Hemingfords United	18	8	1	9	33	37	25
Cherry Hinton	17	6	3	8	28	34	21
Witchford	18	5	2	11	26	44	17
Histon Res	17	4	2	11	22	40	14
Soham Town Rgrs Res	17	2	3	12	19	47	9
Bassingbourn	15	1	2	12	15	47	5
A&S INTERIORS DEVON LEAGUE
Beer Albion 0 University Exeter 1, Ipplepen Athletic 0 Buckland Athletic Res. 3
(table at Feb 25)	P	W	D	L	F	A	Pts
University Exeter	21	18	2	1	70	15	56
Ipplepen Athletic	19	14	2	3	54	23	44
Appledore	20	13	3	4	51	28	42
Plymouth Marjon	19	12	2	5	49	26	38
Newton Abbot 66	20	10	4	6	43	32	34
Budleigh Salterton	21	10	3	8	41	36	33
Buckland Ath Res	20	9	4	7	40	34	31
North Molton SC	19	8	4	7	34	30	28
Plymstock United	21	8	3	10	36	41	27
Topsham Town	20	7	4	9	33	37	25
Beer Albion	20	5	3	12	26	46	18
St Martins	21	4	3	14	26	55	15
Exmouth Town Res	20	2	4	14	19	58	10
JEWSON DORSET PREMIER LEAGUE
Bournemouth Sports 1 Merley Cobham S 2, Sturminster Newton 4 Shaftesbury Res 0
(table at Feb 25)	P	W	D	L	F	A	Pts
Hamworthy United	22	18	2	2	67	20	56
Merley Cobham S	21	15	3	3	58	22	48
Wimborne Town Res	20	13	3	4	52	24	42
Portland United Res	21	12	3	6	48	30	39
Bournemouth Sports	22	11	4	7	44	33	37
Holt United	20	10	4	6	40	31	34
Poole Borough	21	9	4	8	38	36	31
Gillingham Town Res	22	8	4	10	36	41	28
Sturminster Newton	21	7	4	10	34	42	25
Shaftesbury Res	22	4	3	15	23	55	15
Sturminster Marshall	22	0	0	22	12	88	0
PROKIT ESSEX OLYMPIAN LEAGUE PREMIER DIVISION
Canning T 0 Sungate 4, Kelvedon Hatch 1 Old Southendian 2, Rayners Lane 3 Hutton Old Southendian 2 Catholic United 1, Rayleigh Town 1 Springfield 1, Shenfield Association 0 Old Chelmsfordians 4
(table at Feb 25)	P	W	D	L	F	A	Pts
Old Southendian	21	16	2	3	69	27	50
Rayleigh Town	17	15	1	1	61	15	46
Sungate	18	14	2	2	54	21	44
Catholic United	18	9	2	7	41	37	29
Old Chelmsfordians	18	9	2	7	40	35	29
Shenfield Association	20	9	1	10	38	39	28
Springfield	19	8	3	8	40	37	27
Bishop's Stortford Swifts	19	6	5	8	33	38	23
Runwell Sports	20	6	4	10	33	45	22
Leigh Ramblers	20	5	4	11	30	48	19
Kelvedon Hatch	19	5	3	11	28	45	18
Hutton	17	4	2	11	26	46	14
Herald Wood Ath	19	4	2	13	23	58	14
Canning Town	19	3	1	15	28	64	10
CHELMSFORD CITY RACECOURSE ESSEX & SUFFOLK BORDER LEAGUE PREMIER DIVISION
Belle Vue 4 White Notley 1, Brightlingsea Town 2 Earls Colne 2, Dedham OB 4 Alresford CR 0, Hatfield Peverel 1 Coine Athletic 1
(table at Feb 25)	P	W	D	L	F	A	Pts
Colne Athletic	19	14	2	3	64	21	44
Brightlingsea Town	20	13	2	5	72	44	41
Tiptree Heath	17	11	4	2	51	22	37
Dedham Old Boys	19	11	3	5	51	30	36
Stanway Rovers Com	22	12	1	9	59	39	37
Hatfield Peverel	22	9	4	9	41	43	31
Earls Colne	19	8	5	6	44	40	29
Belle Vue Soc	22	8	2	12	45	55	26
Barnston	22	8	2	12	42	58	26
Sudbury Sports	20	6	4	10	34	49	22
White Notley	20	5	3	12	37	59	18
Lawford Lads	20	4	2	14	31	68	14
Alresford CR	20	2	2	16	20	63	8
MARCLIFF GLOS. COUNTY LEAGUE
Cheltenham CS 1 Hardwicke 0, Frampton United 1 Stoke Gifford Utd 2, Kings Stanley 0 Avonmouth 4, Quedgeley Wdrs 1 Rockleaze Rangers 1, Shortwood 4 AFC Mangotsfield 0
(table at Feb 25)	P	W	D	L	F	A	Pts
Avonmouth	20	18	1	1	65	19	55
Stoke Gifford Utd	22	12	6	4	51	31	42
Frampton United	23	12	5	6	48	33	41
Rockleaze Rangers	21	11	6	4	50	28	39
Little Stoke	21	10	5	6	44	38	35
Bromley Heath Utd	22	9	5	8	40	41	32
Shipshape	23	8	7	8	38	38	31
Ruardean Hill Rgrs	20	8	6	6	40	34	30
Cheltenham CS	22	8	4	10	39	42	28
Hardwicke	22	7	5	10	35	44	26
Kings Stanley	21	6	5	10	30	42	23
Almondsbury	22	5	5	12	31	52	20
Brodwell Amateurs	21	5	3	13	28	53	18
Wick	20	4	4	12	26	48	16
Gala Wilton	22	2	4	16	24	60	10
UHLSPORT HAMPSHIRE LEAGUE SENIOR DIVISION
Hook 5 Sway 1, Whitehill & Bordon 0 Stockbridge 1
(table at Feb 25)	P	W	D	L	F	A	Pts
Infinity	21	16	4	1	67	24	52
Lipchook United	19	15	1	3	67	26	46
Locks Heath	18	13	2	3	48	20	41
Paulsgrove	18	11	3	4	46	25	36
Bishops Waltham	20	10	4	6	43	35	34
Hayling United	19	10	3	6	39	30	33
Whitehill & Bordon	20	9	4	7	39	35	31
Sway	18	8	4	6	37	31	28
Stockbridge	21	7	5	9	35	42	26
Hook	20	7	3	10	37	45	24
Andover New Street	19	5	4	10	28	44	19
Overton United	20	4	3	13	24	52	15
Fleetlands	21	2	2	17	18	71	8
COUNTY LEAGUE PREMIER DIVISION
Baldock Town Res. 2 Colney Heath Res. 4, Belstone 6 London Lions Development 3, Buntingford Town 4 Oracle Components 2, Everett Rovers 5 Standon & Puckeridge 4, Hatfield Town 3 Cockfosters Res. 1, Hinton 0 Chipperfield Corinthians 0
(table at Feb 25)	P	W	D	L	F	A	Pts
Belstone	20	17	2	1	70	19	53
Hatfield Town	21	15	3	3	59	25	48
Cuffley	18	12	3	3	46	21	39
London Lions Dev	20	11	3	6	49	35	36
Hinton	20	10	4	6	44	32	34
Colney Heath Res	19	10	3	6	42	34	33
Oracle Components	21	9	4	8	43	42	31
Buntingford Town	20	9	3	8	41	40	30
Chipperfield Corinthians	21	8	4	9	38	39	28
Everett Rovers	21	7	4	10	40	48	25
Standon & Puckeridge	20	6	3	11	34	49	21
Baldock Town Res	21	4	3	14	28	58	15
Cockfosters Res	19	2	2	15	18	63	8
NRG KENT COUNTY LEAGUE PREMIER DIVISION
Fleetdown 4 Hawkinge Town 1, Minster 3 Bermondsey T 3, Stansfeld (O&B) 1 Rusthall Res 0
(table at Feb 25)	P	W	D	L	F	A	Pts
Fleetdown	22	16	3	3	62	23	51
Hawkinge Town	23	15	4	4	58	27	49
Lewisham Athletic	20	14	3	3	55	23	45
Bromley Green	22	12	5	5	49	32	41
Minster	21	11	5	5	45	30	38
Tenterden Town	19	10	4	5	44	28	34
Kent Football United	21	10	2	9	43	41	32
Kennington Res	22	9	4	9	40	42	31
Snodland Town Res	20	8	5	7	38	34	29
New Romney	21	7	4	10	35	45	25
Bexley	22	6	4	12	32	49	22
Bermondsey Town	21	5	5	11	30	47	20
Stansfeld (O&B)	21	4	4	13	28	52	16
Welling Park	23	3	3	17	26	68	12
EVERARDS LEICS SENIOR LEAGUE PREMIER DIVISION
Cottesmore Ams 1 Desford & Caterpillar 2, Highfield Rangers 2 Burbage/Huncote 0, Magna 1 AFC North Kilworth 2
BALCAN LIGHTING LINCS LEAGUE
Brigg CIC 0 Ruston 5, Grimsby Bor. Res. 1 Nettleham 5, Grimsby Utd 2 Horncastle 1, Immingham Town (w/o) Cleethorpes Res, Keelby 0 Appleby Frod'ham 2, Lincoln United Dev 3 Lincoln Moorlands Railway 0
(table at Feb 25)	P	W	D	L	F	A	Pts
Nettleham	21	19	0	2	65	17	57
Lincoln Moorlands	23	14	2	7	60	44	44
Crowle Colts	20	13	3	4	55	28	42
Lincoln United Dev	21	13	3	5	65	42	42
Ruston Sports	20	12	4	4	50	25	40
Keelby United	21	11	3	7	44	35	36
Appleby Frodingham	20	10	5	5	43	31	35
Immingham Town	19	9	3	7	40	36	30
Wyberton	20	8	4	8	38	40	28
Skegness Town Res	19	7	7	5	41	29	28
Lincoln Utd Res	22	7	3	12	40	54	24
Louth Town Res	19	5	4	10	38	57	19
Brigg Town CIC	22	5	3	14	33	65	18
Horncastle Town	20	4	4	12	28	51	16
Grimsby Boro Res	21	3	1	17	23	66	10
Sleaford Town Res	21	2	1	18	22	76	7
LIVERPOOL COUNTY PREMIER LEAGUE PREMIER DIVISION
Admiral Park 3 FC Garston 1, Halewood Apollo 2 East Villa Rail 1, MSB Woolton 4 Warbreck 0, Old Xaverians 1 Sefton Athletic 2, The Nayld 1 The Grenadier 2
(table at Feb 25)	P	W	D	L	F	A	Pts
Halewood Apollo	21	17	2	2	60	21	53
East Villa Rail	18	12	4	2	41	22	40
Admiral Park	19	12	3	4	45	24	39
MSB Woolton	18	11	4	3	44	22	37
Sefton Athletic	19	10	4	5	44	31	34
Old Xaverians	18	9	5	4	40	28	32
Liverpool NALGO	19	9	4	6	40	34	31
Warbreck	20	8	4	8	35	37	28
The Grenadier	19	7	5	7	35	35	26
Aigburth PH	19	6	4	9	31	38	22
Liver Academy	20	5	3	12	29	46	18
FC Garston	19	2	6	11	21	51	12
The Nayld	18	1	5	12	18	54	8
GRAY HOOPER HOLT MID-SUSSEX LEAGUE PREMIER DIVISION
Balcombe 4 Battle Town 1, Cuckfield Rangers 4 Rotherfield 3, Reigate Priory 5 Copthorne Res. 3, Ringmer 2 Crawley Devils 1, Westfield 0 Holland Sports 2
(table at Feb 25)	P	W	D	L	F	A	Pts
Reigate Priory	19	17	1	1	63	16	52
Ringmer	19	13	3	3	52	25	42
Balcombe	19	12	2	5	50	30	38
Westfield	18	10	5	3	42	25	35
Cuckfield Rangers	20	10	3	7	45	37	33
Crawley Devils	19	9	4	6	40	34	31
Rotherfield	20	8	4	8	39	40	28
Holland Sports	20	7	4	9	36	41	25
Battle Town	19	6	3	10	30	42	21
Sedlescombe Rgrs	19	4	5	10	28	46	17
Copthorne Res	20	3	3	14	24	55	12
MIDLAND LEAGUE DIV. TWO
Birmingham United 1 AFC Coventry Rangers 3, Knaresborough 2 Cadbury Athletic 1, Lane Head 2 Hampton 0
(table at Feb 25)	P	W	D	L	F	A	Pts
AFC Coventry Rgrs	22	18	2	2	73	24	56
Coventry Alvis	21	15	3	3	60	28	48
Cadbury Athletic	20	14	2	4	56	27	44
Lane Head	20	12	4	4	48	26	40
Hampton	21	11	3	7	45	36	36
Birmingham United	22	10	4	8	42	38	34
Earlswood Town	21	9	4	8	40	40	31
Inkberrow Res	20	8	3	9	36	42	27
Alcester Town	21	6	5	10	32	45	23
Fairfield Villa	20	5	4	11	29	46	19
Littleton	21	3	3	15	23	62	12
Enville Athletic	20	2	2	16	18	63	8
CHROMASPORT NORTHANTS COMBINATION PREM. DIVISION
Corby Strip Mills 3 Roade 2, Earls Barton Utd 3 Blisworth 2, Finedon Volta 4 Woodford United 1, Spratton 1 Medbourne 2
